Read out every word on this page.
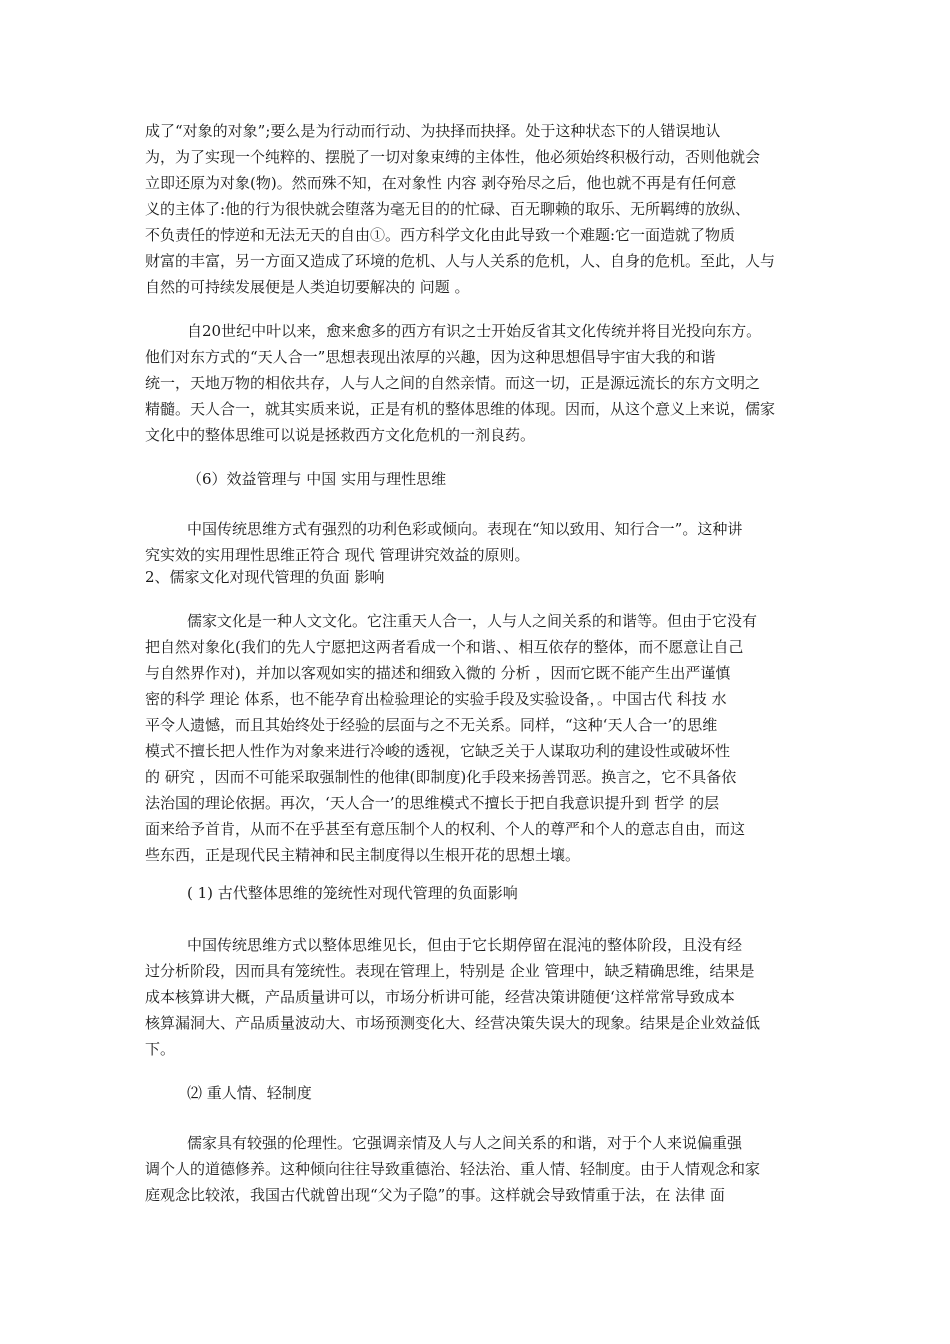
成了“对象的对象”;要么是为行动而行动、为抉择而抉择。处于这种状态下的人错误地认
为，为了实现一个纯粹的、摆脱了一切对象束缚的主体性，他必须始终积极行动，否则他就会
立即还原为对象(物)。然而殊不知，在对象性 内容 剥夺殆尽之后，他也就不再是有任何意
义的主体了:他的行为很快就会堕落为毫无目的的忙碌、百无聊赖的取乐、无所羁缚的放纵、
不负责任的悖逆和无法无天的自由①。西方科学文化由此导致一个难题:它一面造就了物质
财富的丰富，另一方面又造成了环境的危机、人与人关系的危机，人、自身的危机。至此，人与
自然的可持续发展便是人类迫切要解决的 问题 。
自20世纪中叶以来，愈来愈多的西方有识之士开始反省其文化传统并将目光投向东方。
他们对东方式的“天人合一”思想表现出浓厚的兴趣，因为这种思想倡导宇宙大我的和谐
统一，天地万物的相依共存，人与人之间的自然亲情。而这一切，正是源远流长的东方文明之
精髓。天人合一，就其实质来说，正是有机的整体思维的体现。因而，从这个意义上来说，儒家
文化中的整体思维可以说是拯救西方文化危机的一剂良药。
（6）效益管理与 中国 实用与理性思维
中国传统思维方式有强烈的功利色彩或倾向。表现在“知以致用、知行合一”。这种讲
究实效的实用理性思维正符合 现代 管理讲究效益的原则。
2、儒家文化对现代管理的负面 影响
儒家文化是一种人文文化。它注重天人合一，人与人之间关系的和谐等。但由于它没有
把自然对象化(我们的先人宁愿把这两者看成一个和谐、、相互依存的整体，而不愿意让自己
与自然界作对)，并加以客观如实的描述和细致入微的 分析 ，因而它既不能产生出严谨慎
密的科学 理论 体系，也不能孕育出检验理论的实验手段及实验设备，。中国古代 科技 水
平令人遗憾，而且其始终处于经验的层面与之不无关系。同样，“这种‘天人合一’的思维
模式不擅长把人性作为对象来进行冷峻的透视，它缺乏关于人谋取功利的建设性或破坏性
的 研究 ，因而不可能采取强制性的他律(即制度)化手段来扬善罚恶。换言之，它不具备依
法治国的理论依据。再次，‘天人合一’的思维模式不擅长于把自我意识提升到 哲学 的层
面来给予首肯，从而不在乎甚至有意压制个人的权利、个人的尊严和个人的意志自由，而这
些东西，正是现代民主精神和民主制度得以生根开花的思想土壤。
( 1) 古代整体思维的笼统性对现代管理的负面影响
中国传统思维方式以整体思维见长，但由于它长期停留在混沌的整体阶段，且没有经
过分析阶段，因而具有笼统性。表现在管理上，特别是 企业 管理中，缺乏精确思维，结果是
成本核算讲大概，产品质量讲可以，市场分析讲可能，经营决策讲随便‘这样常常导致成本
核算漏洞大、产品质量波动大、市场预测变化大、经营决策失误大的现象。结果是企业效益低
下。
⑵ 重人情、轻制度
儒家具有较强的伦理性。它强调亲情及人与人之间关系的和谐，对于个人来说偏重强
调个人的道德修养。这种倾向往往导致重德治、轻法治、重人情、轻制度。由于人情观念和家
庭观念比较浓，我国古代就曾出现“父为子隐”的事。这样就会导致情重于法，在 法律 面
